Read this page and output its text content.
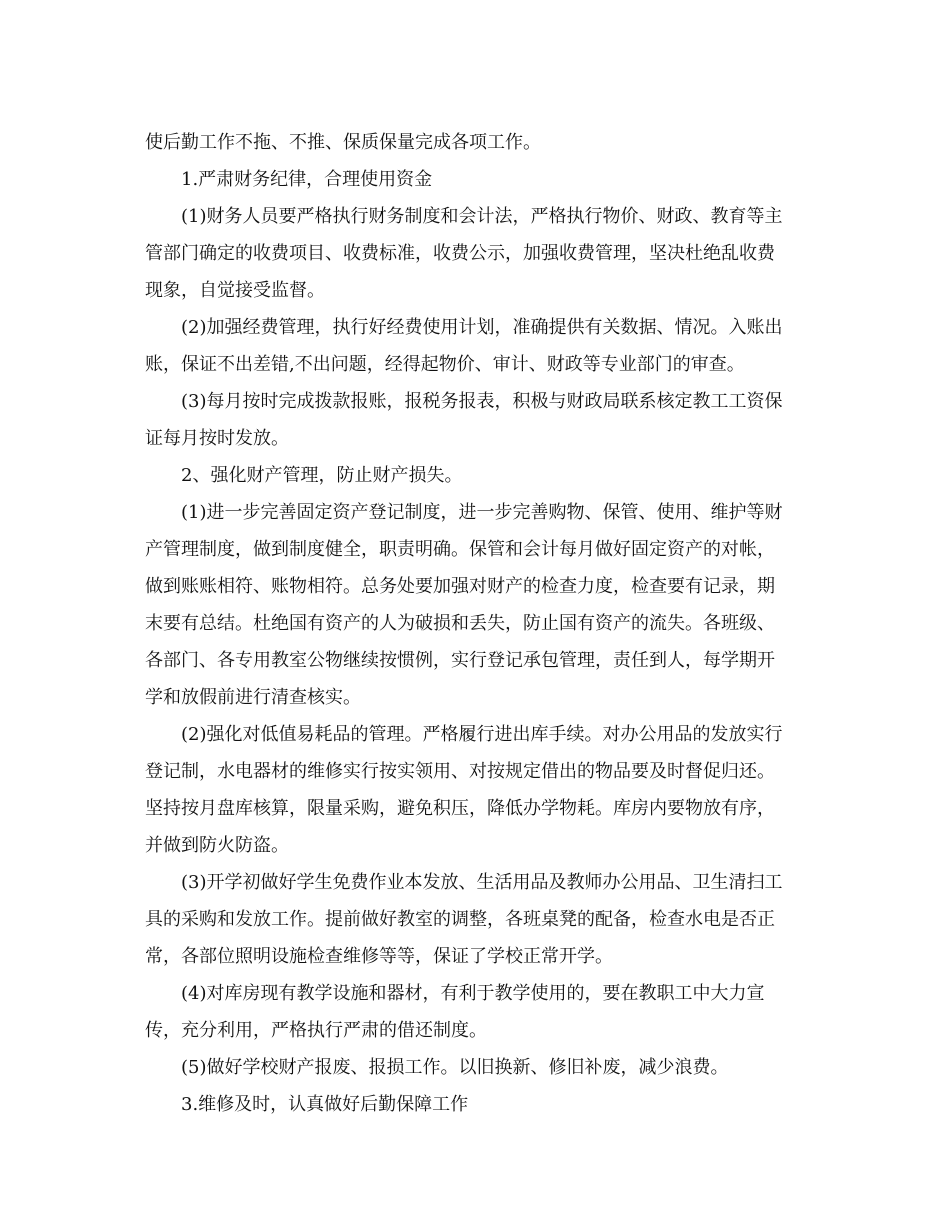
使后勤工作不拖、不推、保质保量完成各项工作。
1.严肃财务纪律，合理使用资金
(1)财务人员要严格执行财务制度和会计法，严格执行物价、财政、教育等主
管部门确定的收费项目、收费标准，收费公示，加强收费管理，坚决杜绝乱收费
现象，自觉接受监督。
(2)加强经费管理，执行好经费使用计划，准确提供有关数据、情况。入账出
账，保证不出差错,不出问题，经得起物价、审计、财政等专业部门的审查。
(3)每月按时完成拨款报账，报税务报表，积极与财政局联系核定教工工资保
证每月按时发放。
2、强化财产管理，防止财产损失。
(1)进一步完善固定资产登记制度，进一步完善购物、保管、使用、维护等财
产管理制度，做到制度健全，职责明确。保管和会计每月做好固定资产的对帐，
做到账账相符、账物相符。总务处要加强对财产的检查力度，检查要有记录，期
末要有总结。杜绝国有资产的人为破损和丢失，防止国有资产的流失。各班级、
各部门、各专用教室公物继续按惯例，实行登记承包管理，责任到人，每学期开
学和放假前进行清查核实。
(2)强化对低值易耗品的管理。严格履行进出库手续。对办公用品的发放实行
登记制，水电器材的维修实行按实领用、对按规定借出的物品要及时督促归还。
坚持按月盘库核算，限量采购，避免积压，降低办学物耗。库房内要物放有序，
并做到防火防盗。
(3)开学初做好学生免费作业本发放、生活用品及教师办公用品、卫生清扫工
具的采购和发放工作。提前做好教室的调整，各班桌凳的配备，检查水电是否正
常，各部位照明设施检查维修等等，保证了学校正常开学。
(4)对库房现有教学设施和器材，有利于教学使用的，要在教职工中大力宣
传，充分利用，严格执行严肃的借还制度。
(5)做好学校财产报废、报损工作。以旧换新、修旧补废，减少浪费。
3.维修及时，认真做好后勤保障工作
